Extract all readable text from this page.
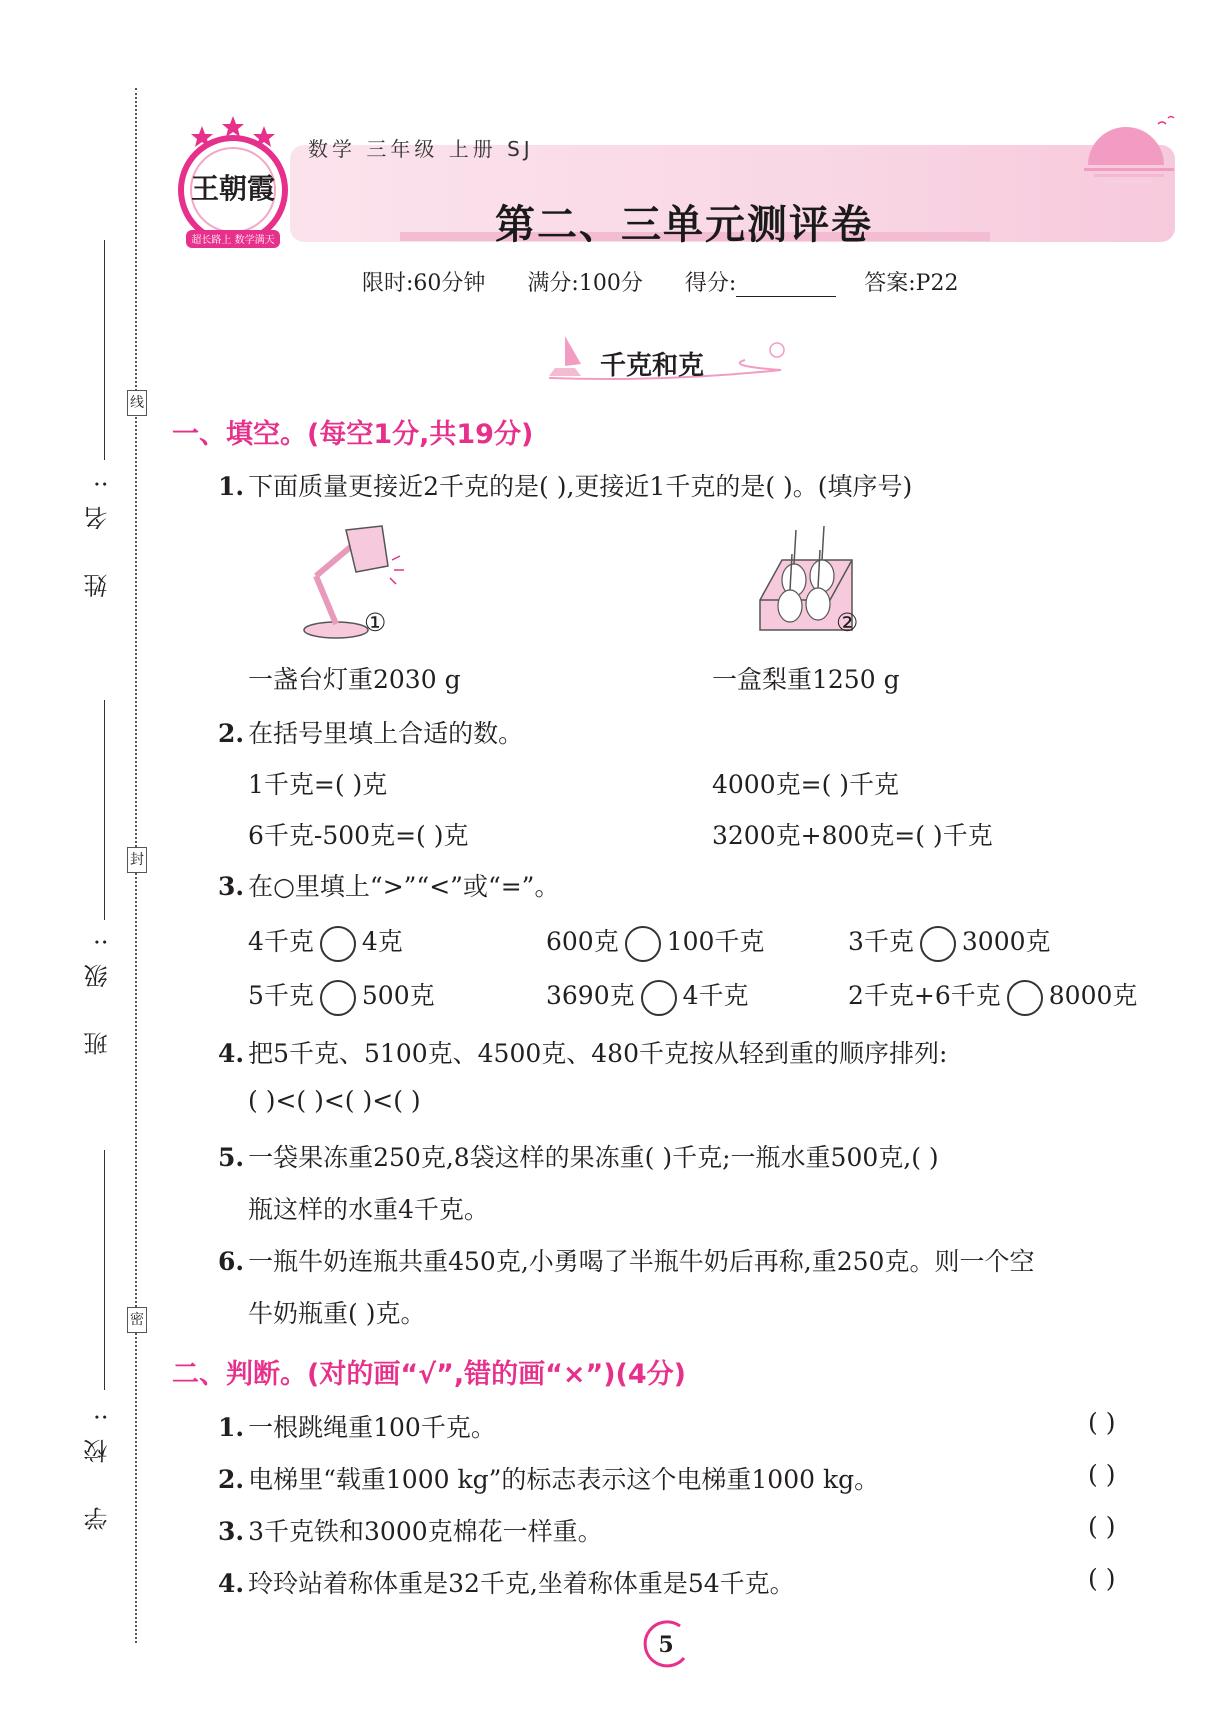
线
封
密
姓 名:
班 级:
学 校:
王朝霞
超长路上 数学满天
数学 三年级 上册 SJ
第二、三单元测评卷
限时:60分钟 满分:100分 得分:	答案:P22
千克和克
一、填空。(每空1分,共19分)
1. 下面质量更接近2千克的是( ),更接近1千克的是( )。(填序号)
①
一盏台灯重2030 g
②
一盒梨重1250 g
2. 在括号里填上合适的数。
1千克=( )克	4000克=( )千克
6千克-500克=( )克	3200克+800克=( )千克
3. 在○里填上“>”“<”或“=”。
4千克 4克	600克 100千克	3千克 3000克
5千克 500克	3690克 4千克	2千克+6千克 8000克
4. 把5千克、5100克、4500克、480千克按从轻到重的顺序排列:
( )<( )<( )<( )
5. 一袋果冻重250克,8袋这样的果冻重( )千克;一瓶水重500克,( )
瓶这样的水重4千克。
6. 一瓶牛奶连瓶共重450克,小勇喝了半瓶牛奶后再称,重250克。则一个空
牛奶瓶重( )克。
二、判断。(对的画“√”,错的画“×”)(4分)
1. 一根跳绳重100千克。	( )
2. 电梯里“载重1000 kg”的标志表示这个电梯重1000 kg。	( )
3. 3千克铁和3000克棉花一样重。	( )
4. 玲玲站着称体重是32千克,坐着称体重是54千克。	( )
5
